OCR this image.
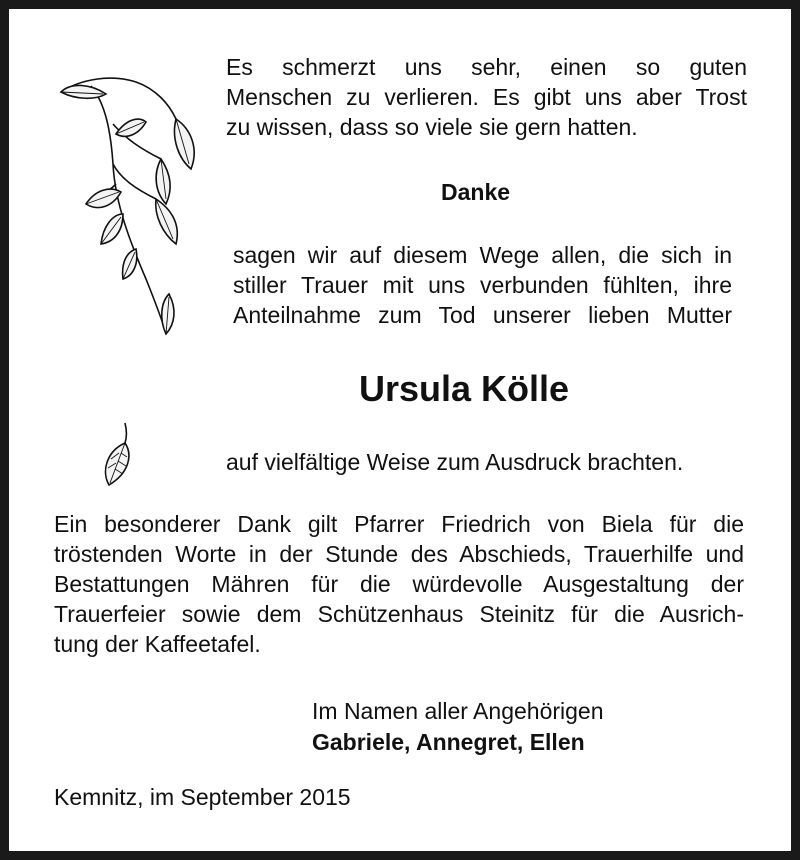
Es schmerzt uns sehr, einen so guten
Menschen zu verlieren. Es gibt uns aber Trost
zu wissen, dass so viele sie gern hatten.
Danke
sagen wir auf diesem Wege allen, die sich in
stiller Trauer mit uns verbunden fühlten, ihre
Anteilnahme zum Tod unserer lieben Mutter
Ursula Kölle
auf vielfältige Weise zum Ausdruck brachten.
Ein besonderer Dank gilt Pfarrer Friedrich von Biela für die
tröstenden Worte in der Stunde des Abschieds, Trauerhilfe und
Bestattungen Mähren für die würdevolle Ausgestaltung der
Trauerfeier sowie dem Schützenhaus Steinitz für die Ausrich-
tung der Kaffeetafel.
Im Namen aller Angehörigen
Gabriele, Annegret, Ellen
Kemnitz, im September 2015
